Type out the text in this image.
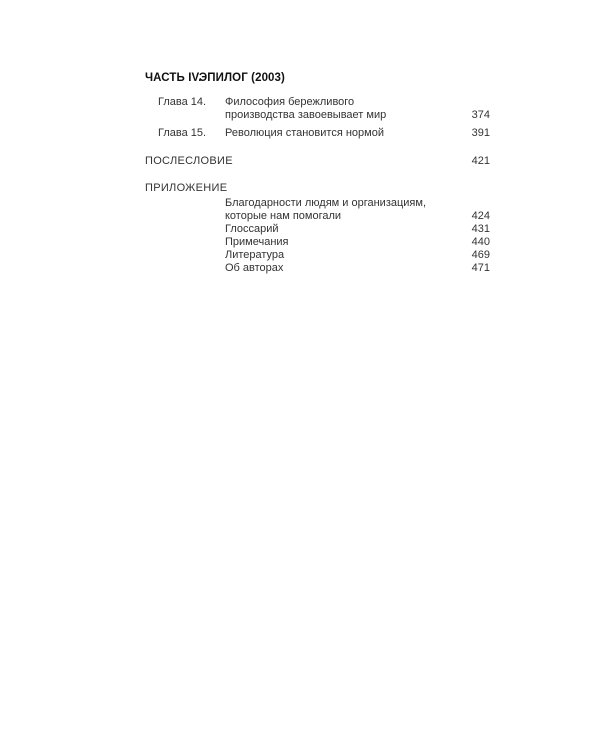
ЧАСТЬ IV.
ЭПИЛОГ (2003)
Глава 14. Философия бережливого
производства завоевывает мир	374
Глава 15. Революция становится нормой	391
ПОСЛЕСЛОВИЕ	421
ПРИЛОЖЕНИЕ
Благодарности людям и организациям,
которые нам помогали	424
Глоссарий	431
Примечания	440
Литература	469
Об авторах	471
